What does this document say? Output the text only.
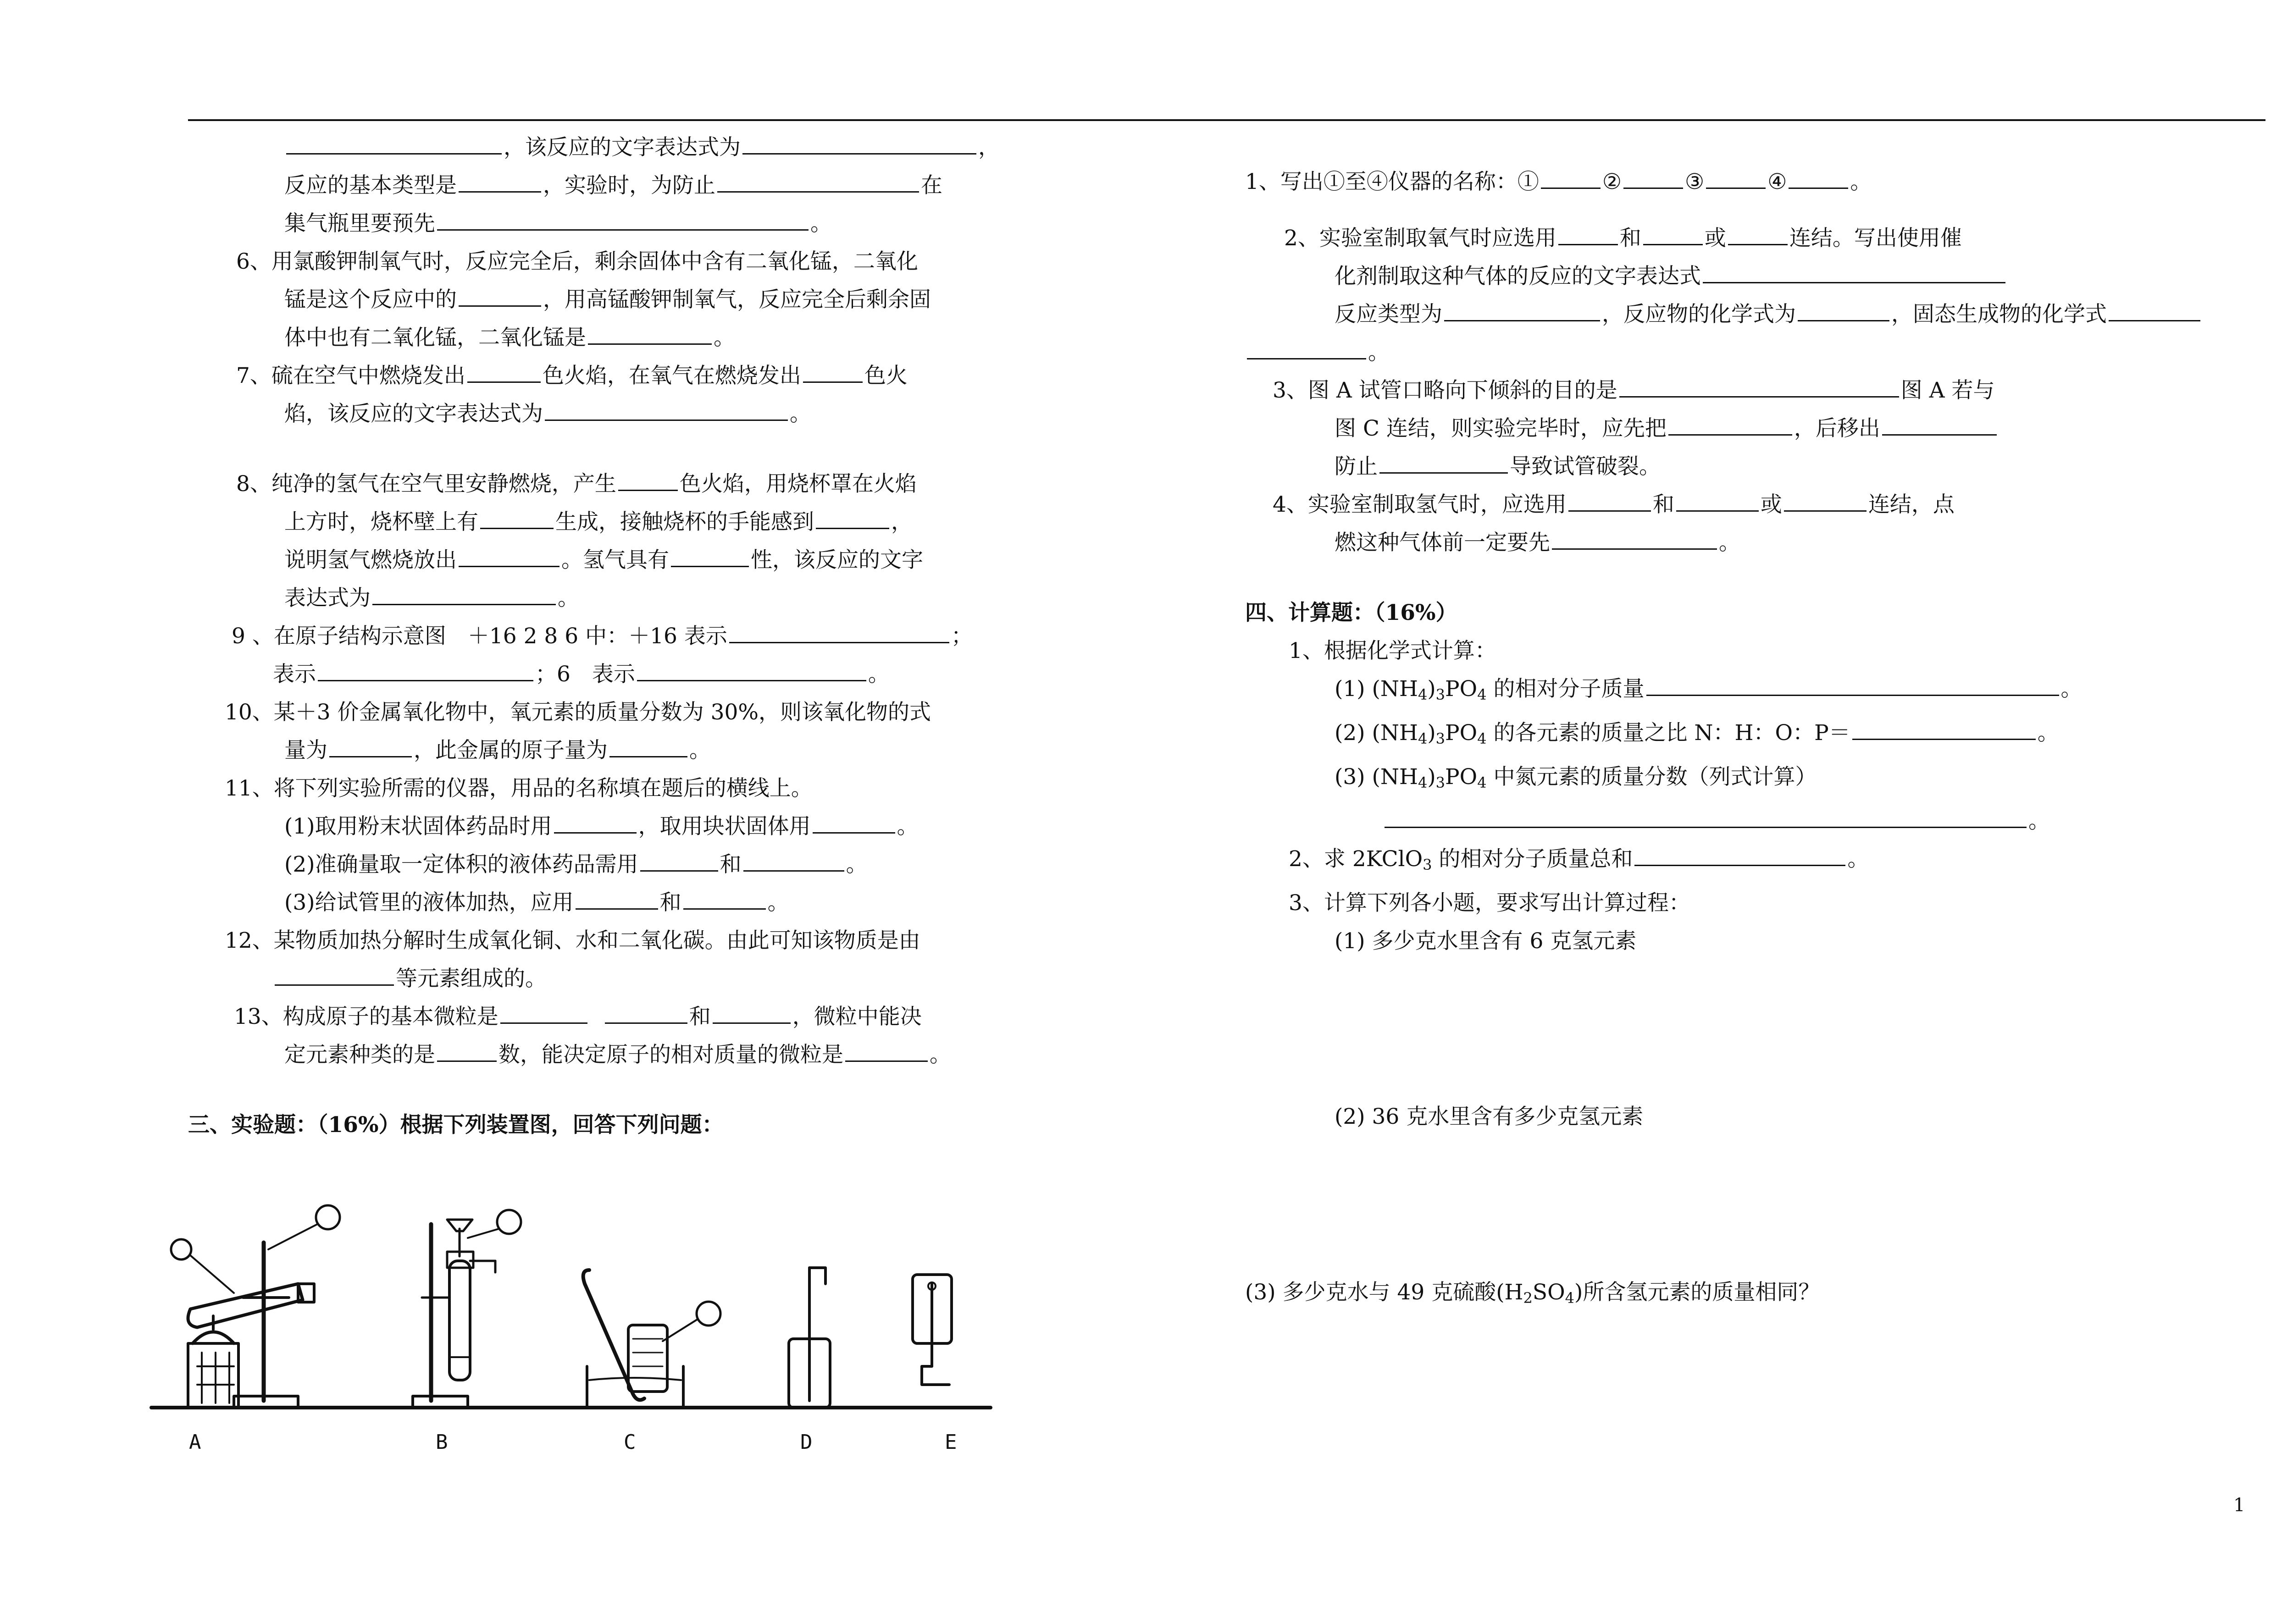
，该反应的文字表达式为	，
反应的基本类型是	，实验时，为防止	在
集气瓶里要预先	。
6、用氯酸钾制氧气时，反应完全后，剩余固体中含有二氧化锰，二氧化
锰是这个反应中的	，用高锰酸钾制氧气，反应完全后剩余固
体中也有二氧化锰，二氧化锰是	。
7、硫在空气中燃烧发出	色火焰，在氧气在燃烧发出	色火
焰，该反应的文字表达式为	。
8、纯净的氢气在空气里安静燃烧，产生	色火焰，用烧杯罩在火焰
上方时，烧杯壁上有	生成，接触烧杯的手能感到	，
说明氢气燃烧放出	。氢气具有	性，该反应的文字
表达式为	。
9 、在原子结构示意图　＋16 2 8 6 中：＋16 表示	；
表示	；6　表示	。
10、某＋3 价金属氧化物中，氧元素的质量分数为 30%，则该氧化物的式
量为	，此金属的原子量为	。
11、将下列实验所需的仪器，用品的名称填在题后的横线上。
(1)取用粉末状固体药品时用	，取用块状固体用	。
(2)准确量取一定体积的液体药品需用	和	。
(3)给试管里的液体加热，应用	和	。
12、某物质加热分解时生成氧化铜、水和二氧化碳。由此可知该物质是由
等元素组成的。
13、构成原子的基本微粒是	和	，微粒中能决
定元素种类的是	数，能决定原子的相对质量的微粒是	。
三、实验题：（16%）根据下列装置图，回答下列问题：
A	B	C	D	E
1、写出①至④仪器的名称：①	②	③	④	。
2、实验室制取氧气时应选用	和	或	连结。写出使用催
化剂制取这种气体的反应的文字表达式
反应类型为	，反应物的化学式为	，固态生成物的化学式
。
3、图 A 试管口略向下倾斜的目的是	图 A 若与
图 C 连结，则实验完毕时，应先把	，后移出
防止	导致试管破裂。
4、实验室制取氢气时，应选用	和	或	连结，点
燃这种气体前一定要先	。
四、计算题：（16%）
1、根据化学式计算：
(1) $(NH_4)_3PO_4$ 的相对分子质量	。
(2) $(NH_4)_3PO_4$ 的各元素的质量之比 N：H：O：P＝	。
(3) $(NH_4)_3PO_4$ 中氮元素的质量分数（列式计算）
。
2、求 2KClO$_3$ 的相对分子质量总和	。
3、计算下列各小题，要求写出计算过程：
(1) 多少克水里含有 6 克氢元素
(2) 36 克水里含有多少克氢元素
(3) 多少克水与 49 克硫酸$(H_2SO_4)$所含氢元素的质量相同？
1
